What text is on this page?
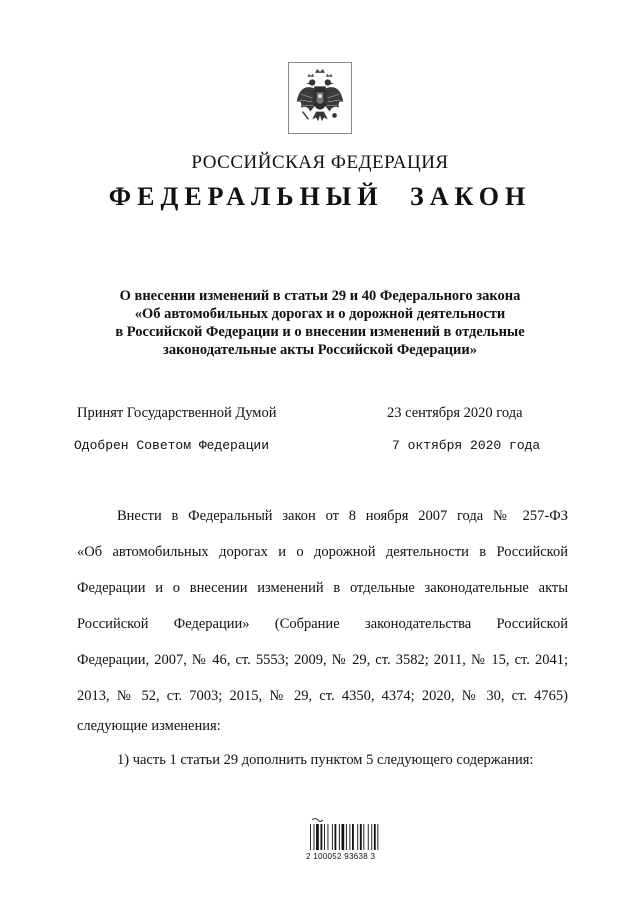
РОССИЙСКАЯ ФЕДЕРАЦИЯ
ФЕДЕРАЛЬНЫЙ ЗАКОН
О внесении изменений в статьи 29 и 40 Федерального закона
«Об автомобильных дорогах и о дорожной деятельности
в Российской Федерации и о внесении изменений в отдельные
законодательные акты Российской Федерации»
Принят Государственной Думой	23 сентября 2020 года
Одобрен Советом Федерации	7 октября 2020 года
Внести в Федеральный закон от 8 ноября 2007 года № 257-ФЗ
«Об автомобильных дорогах и о дорожной деятельности в Российской
Федерации и о внесении изменений в отдельные законодательные акты
Российской Федерации» (Собрание законодательства Российской
Федерации, 2007, № 46, ст. 5553; 2009, № 29, ст. 3582; 2011, № 15, ст. 2041;
2013, № 52, ст. 7003; 2015, № 29, ст. 4350, 4374; 2020, № 30, ст. 4765)
следующие изменения:
1) часть 1 статьи 29 дополнить пунктом 5 следующего содержания:
2 100052 93638 3
